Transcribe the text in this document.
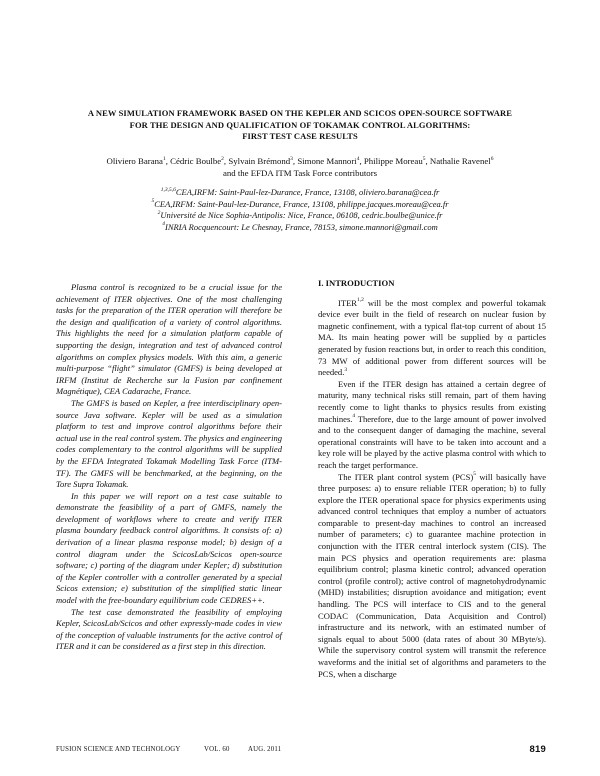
A NEW SIMULATION FRAMEWORK BASED ON THE KEPLER AND SCICOS OPEN-SOURCE SOFTWARE
FOR THE DESIGN AND QUALIFICATION OF TOKAMAK CONTROL ALGORITHMS:
FIRST TEST CASE RESULTS
Oliviero Barana$^1$, Cédric Boulbe$^2$, Sylvain Brémond$^3$, Simone Mannori$^4$, Philippe Moreau$^5$, Nathalie Ravenel$^6$
and the EFDA ITM Task Force contributors
$^{1,3,5,6}$CEA,IRFM: Saint-Paul-lez-Durance, France, 13108, oliviero.barana@cea.fr
$^5$CEA,IRFM: Saint-Paul-lez-Durance, France, 13108, philippe.jacques.moreau@cea.fr
$^2$Université de Nice Sophia-Antipolis: Nice, France, 06108, cedric.boulbe@unice.fr
$^4$INRIA Rocquencourt: Le Chesnay, France, 78153, simone.mannori@gmail.com

Plasma control is recognized to be a crucial issue for the achievement of ITER objectives. One of the most challenging tasks for the preparation of the ITER operation will therefore be the design and qualification of a variety of control algorithms. This highlights the need for a simulation platform capable of supporting the design, integration and test of advanced control algorithms on complex physics models. With this aim, a generic multi-purpose “flight” simulator (GMFS) is being developed at IRFM (Institut de Recherche sur la Fusion par confinement Magnétique), CEA Cadarache, France.

The GMFS is based on Kepler, a free interdisciplinary open-source Java software. Kepler will be used as a simulation platform to test and improve control algorithms before their actual use in the real control system. The physics and engineering codes complementary to the control algorithms will be supplied by the EFDA Integrated Tokamak Modelling Task Force (ITM-TF). The GMFS will be benchmarked, at the beginning, on the Tore Supra Tokamak.

In this paper we will report on a test case suitable to demonstrate the feasibility of a part of GMFS, namely the development of workflows where to create and verify ITER plasma boundary feedback control algorithms. It consists of: a) derivation of a linear plasma response model; b) design of a control diagram under the ScicosLab/Scicos open-source software; c) porting of the diagram under Kepler; d) substitution of the Kepler controller with a controller generated by a special Scicos extension; e) substitution of the simplified static linear model with the free-boundary equilibrium code CEDRES++.

The test case demonstrated the feasibility of employing Kepler, ScicosLab/Scicos and other expressly-made codes in view of the conception of valuable instruments for the active control of ITER and it can be considered as a first step in this direction.

I. INTRODUCTION

ITER$^{1,2}$ will be the most complex and powerful tokamak device ever built in the field of research on nuclear fusion by magnetic confinement, with a typical flat-top current of about 15 MA. Its main heating power will be supplied by α particles generated by fusion reactions but, in order to reach this condition, 73 MW of additional power from different sources will be needed.$^3$

Even if the ITER design has attained a certain degree of maturity, many technical risks still remain, part of them having recently come to light thanks to physics results from existing machines.$^4$ Therefore, due to the large amount of power involved and to the consequent danger of damaging the machine, several operational constraints will have to be taken into account and a key role will be played by the active plasma control with which to reach the target performance.

The ITER plant control system (PCS)$^5$ will basically have three purposes: a) to ensure reliable ITER operation; b) to fully explore the ITER operational space for physics experiments using advanced control techniques that employ a number of actuators comparable to present-day machines to control an increased number of parameters; c) to guarantee machine protection in conjunction with the ITER central interlock system (CIS). The main PCS physics and operation requirements are: plasma equilibrium control; plasma kinetic control; advanced operation control (profile control); active control of magnetohydrodynamic (MHD) instabilities; disruption avoidance and mitigation; event handling. The PCS will interface to CIS and to the general CODAC (Communication, Data Acquisition and Control) infrastructure and its network, with an estimated number of signals equal to about 5000 (data rates of about 30 MByte/s). While the supervisory control system will transmit the reference waveforms and the initial set of algorithms and parameters to the PCS, when a discharge

FUSION SCIENCE AND TECHNOLOGY	VOL. 60	AUG. 2011	819
